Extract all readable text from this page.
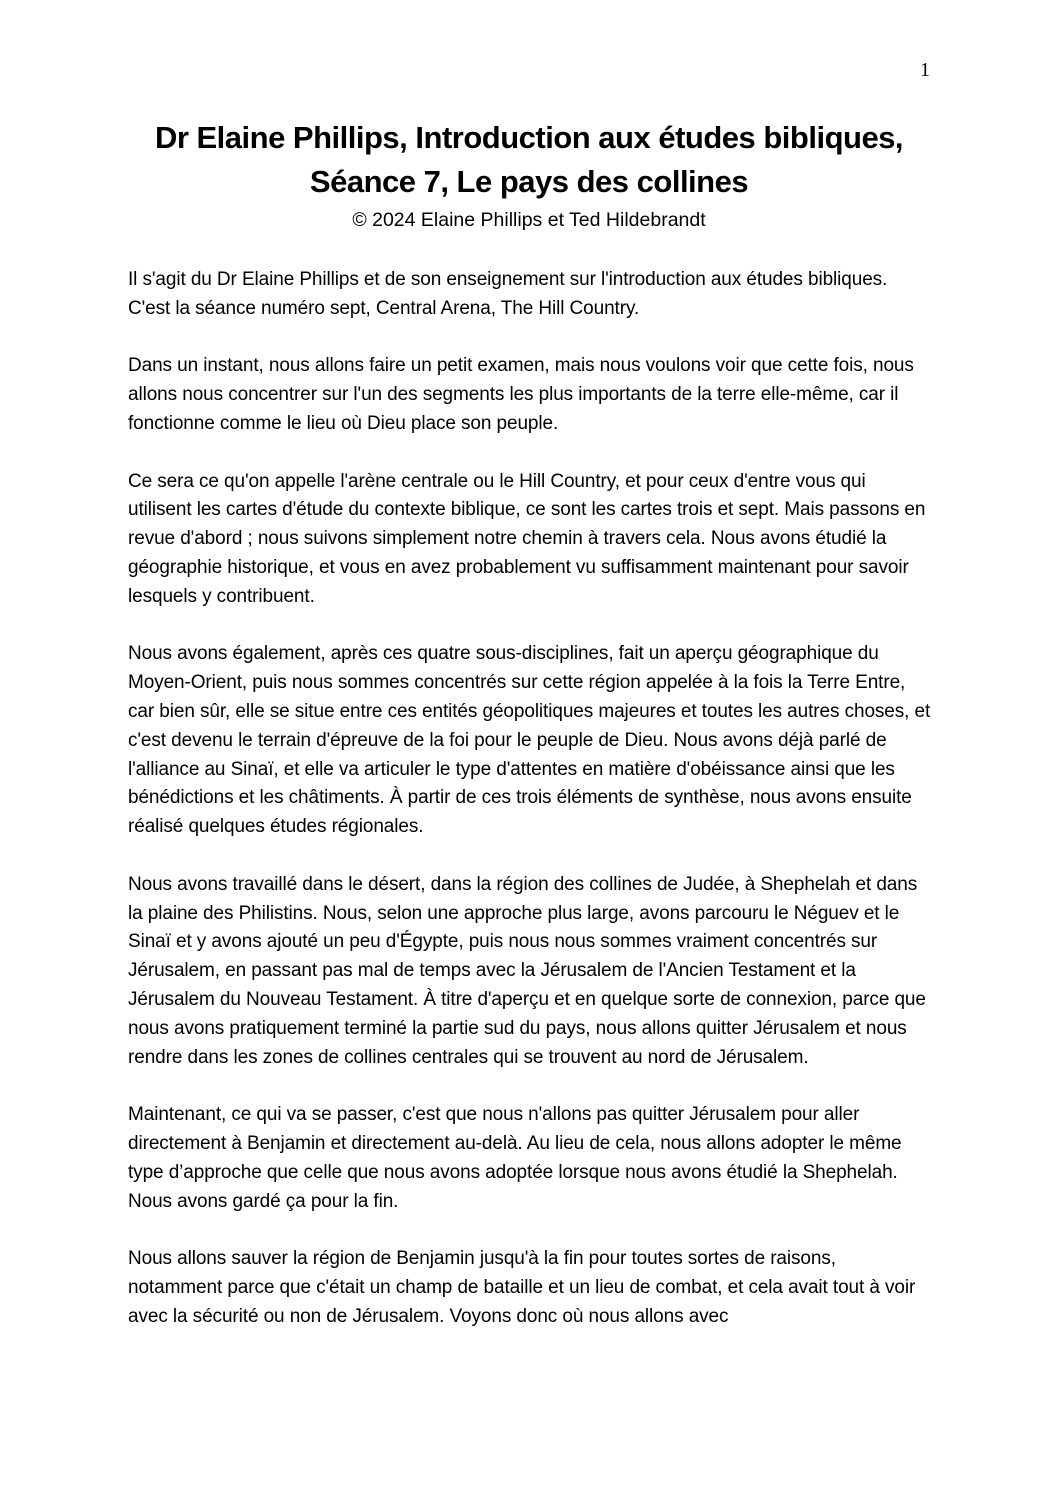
1
Dr Elaine Phillips, Introduction aux études bibliques,
Séance 7, Le pays des collines
© 2024 Elaine Phillips et Ted Hildebrandt

Il s'agit du Dr Elaine Phillips et de son enseignement sur l'introduction aux études bibliques. C'est la séance numéro sept, Central Arena, The Hill Country.

Dans un instant, nous allons faire un petit examen, mais nous voulons voir que cette fois, nous allons nous concentrer sur l'un des segments les plus importants de la terre elle-même, car il fonctionne comme le lieu où Dieu place son peuple.

Ce sera ce qu'on appelle l'arène centrale ou le Hill Country, et pour ceux d'entre vous qui utilisent les cartes d'étude du contexte biblique, ce sont les cartes trois et sept. Mais passons en revue d'abord ; nous suivons simplement notre chemin à travers cela. Nous avons étudié la géographie historique, et vous en avez probablement vu suffisamment maintenant pour savoir lesquels y contribuent.

Nous avons également, après ces quatre sous-disciplines, fait un aperçu géographique du Moyen-Orient, puis nous sommes concentrés sur cette région appelée à la fois la Terre Entre, car bien sûr, elle se situe entre ces entités géopolitiques majeures et toutes les autres choses, et c'est devenu le terrain d'épreuve de la foi pour le peuple de Dieu. Nous avons déjà parlé de l'alliance au Sinaï, et elle va articuler le type d'attentes en matière d'obéissance ainsi que les bénédictions et les châtiments. À partir de ces trois éléments de synthèse, nous avons ensuite réalisé quelques études régionales.

Nous avons travaillé dans le désert, dans la région des collines de Judée, à Shephelah et dans la plaine des Philistins. Nous, selon une approche plus large, avons parcouru le Néguev et le Sinaï et y avons ajouté un peu d'Égypte, puis nous nous sommes vraiment concentrés sur Jérusalem, en passant pas mal de temps avec la Jérusalem de l'Ancien Testament et la Jérusalem du Nouveau Testament. À titre d'aperçu et en quelque sorte de connexion, parce que nous avons pratiquement terminé la partie sud du pays, nous allons quitter Jérusalem et nous rendre dans les zones de collines centrales qui se trouvent au nord de Jérusalem.

Maintenant, ce qui va se passer, c'est que nous n'allons pas quitter Jérusalem pour aller directement à Benjamin et directement au-delà. Au lieu de cela, nous allons adopter le même type d’approche que celle que nous avons adoptée lorsque nous avons étudié la Shephelah. Nous avons gardé ça pour la fin.

Nous allons sauver la région de Benjamin jusqu'à la fin pour toutes sortes de raisons, notamment parce que c'était un champ de bataille et un lieu de combat, et cela avait tout à voir avec la sécurité ou non de Jérusalem. Voyons donc où nous allons avec
